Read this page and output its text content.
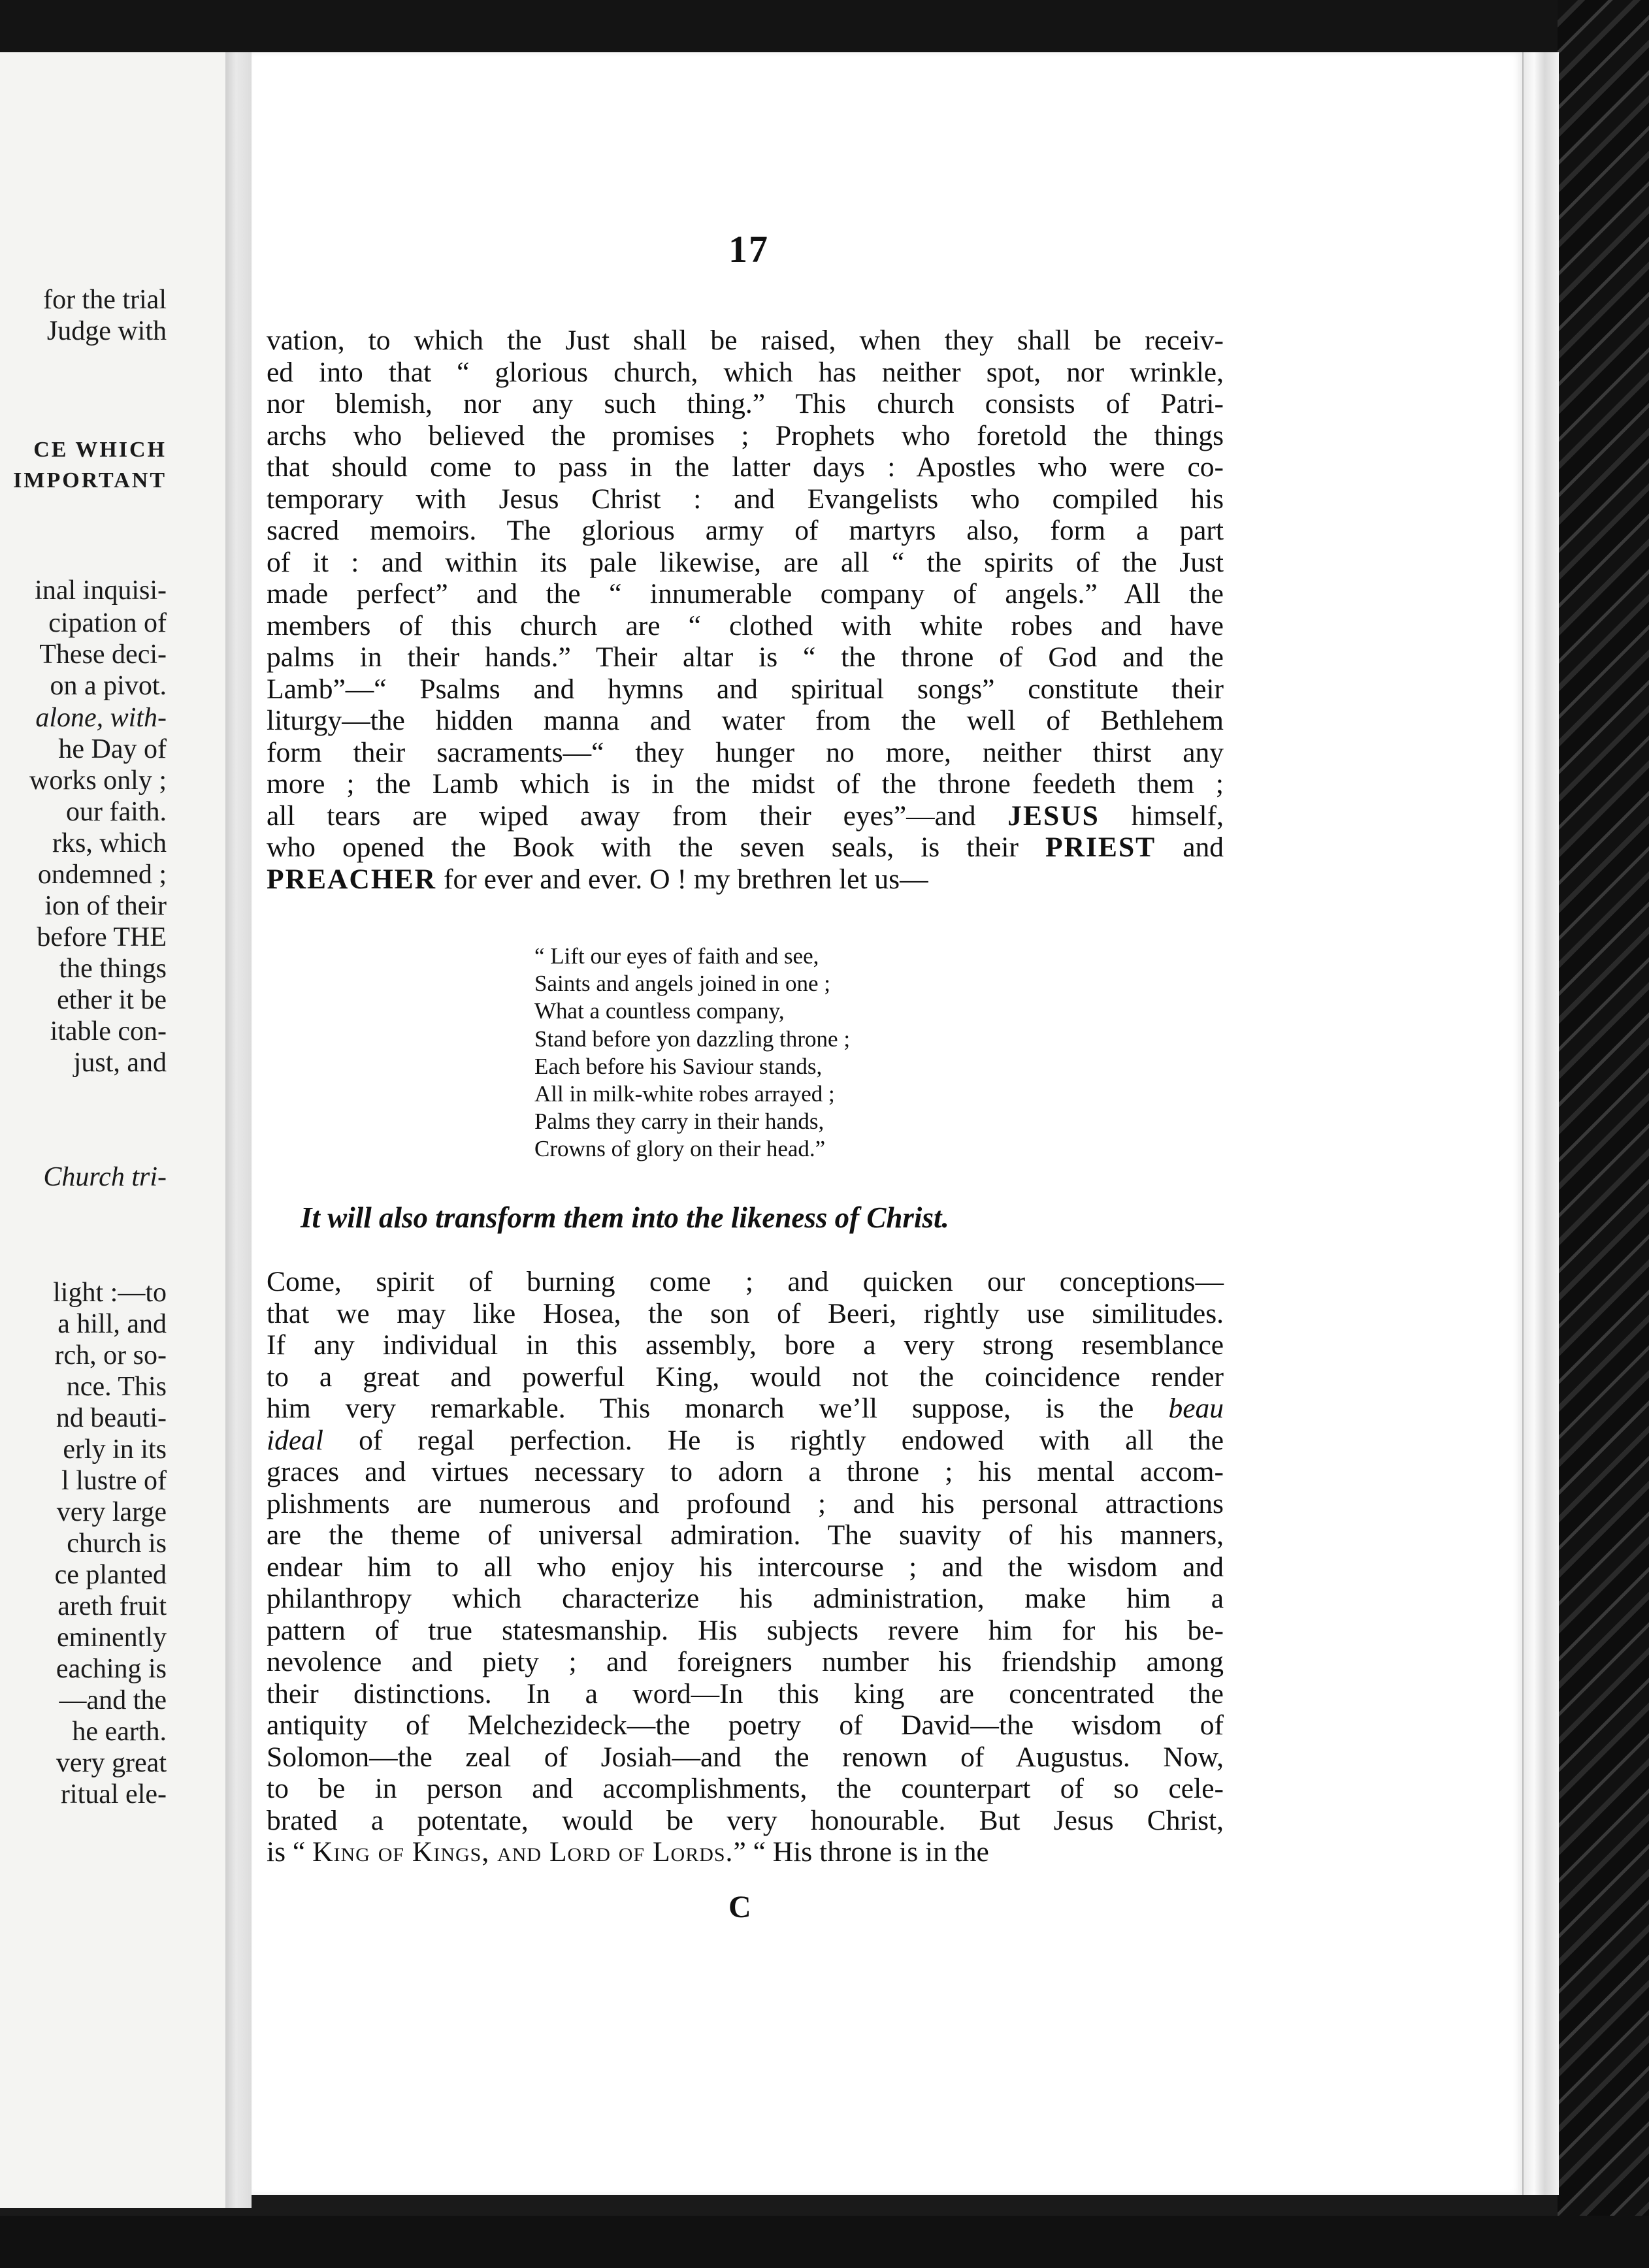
for the trial
Judge with
CE WHICH
IMPORTANT
inal inquisi-
cipation of
These deci-
on a pivot.
alone, with-
he Day of
works only ;
our faith.
rks, which
ondemned ;
ion of their
before THE
the things
ether it be
itable con-
just, and
Church tri-
light :—to
a hill, and
rch, or so-
nce. This
nd beauti-
erly in its
l lustre of
very large
church is
ce planted
areth fruit
eminently
eaching is
—and the
he earth.
very great
ritual ele-
17
vation, to which the Just shall be raised, when they shall be receiv-
ed into that “ glorious church, which has neither spot, nor wrinkle,
nor blemish, nor any such thing.” This church consists of Patri-
archs who believed the promises ; Prophets who foretold the things
that should come to pass in the latter days : Apostles who were co-
temporary with Jesus Christ : and Evangelists who compiled his
sacred memoirs. The glorious army of martyrs also, form a part
of it : and within its pale likewise, are all “ the spirits of the Just
made perfect” and the “ innumerable company of angels.” All the
members of this church are “ clothed with white robes and have
palms in their hands.” Their altar is “ the throne of God and the
Lamb”—“ Psalms and hymns and spiritual songs” constitute their
liturgy—the hidden manna and water from the well of Bethlehem
form their sacraments—“ they hunger no more, neither thirst any
more ; the Lamb which is in the midst of the throne feedeth them ;
all tears are wiped away from their eyes”—and JESUS himself,
who opened the Book with the seven seals, is their PRIEST and
PREACHER for ever and ever. O ! my brethren let us—
“ Lift our eyes of faith and see,
Saints and angels joined in one ;
What a countless company,
Stand before yon dazzling throne ;
Each before his Saviour stands,
All in milk-white robes arrayed ;
Palms they carry in their hands,
Crowns of glory on their head.”
It will also transform them into the likeness of Christ.
Come, spirit of burning come ; and quicken our conceptions—
that we may like Hosea, the son of Beeri, rightly use similitudes.
If any individual in this assembly, bore a very strong resemblance
to a great and powerful King, would not the coincidence render
him very remarkable. This monarch we’ll suppose, is the beau
ideal of regal perfection. He is rightly endowed with all the
graces and virtues necessary to adorn a throne ; his mental accom-
plishments are numerous and profound ; and his personal attractions
are the theme of universal admiration. The suavity of his manners,
endear him to all who enjoy his intercourse ; and the wisdom and
philanthropy which characterize his administration, make him a
pattern of true statesmanship. His subjects revere him for his be-
nevolence and piety ; and foreigners number his friendship among
their distinctions. In a word—In this king are concentrated the
antiquity of Melchezideck—the poetry of David—the wisdom of
Solomon—the zeal of Josiah—and the renown of Augustus. Now,
to be in person and accomplishments, the counterpart of so cele-
brated a potentate, would be very honourable. But Jesus Christ,
is “ King of Kings, and Lord of Lords.” “ His throne is in the
C
